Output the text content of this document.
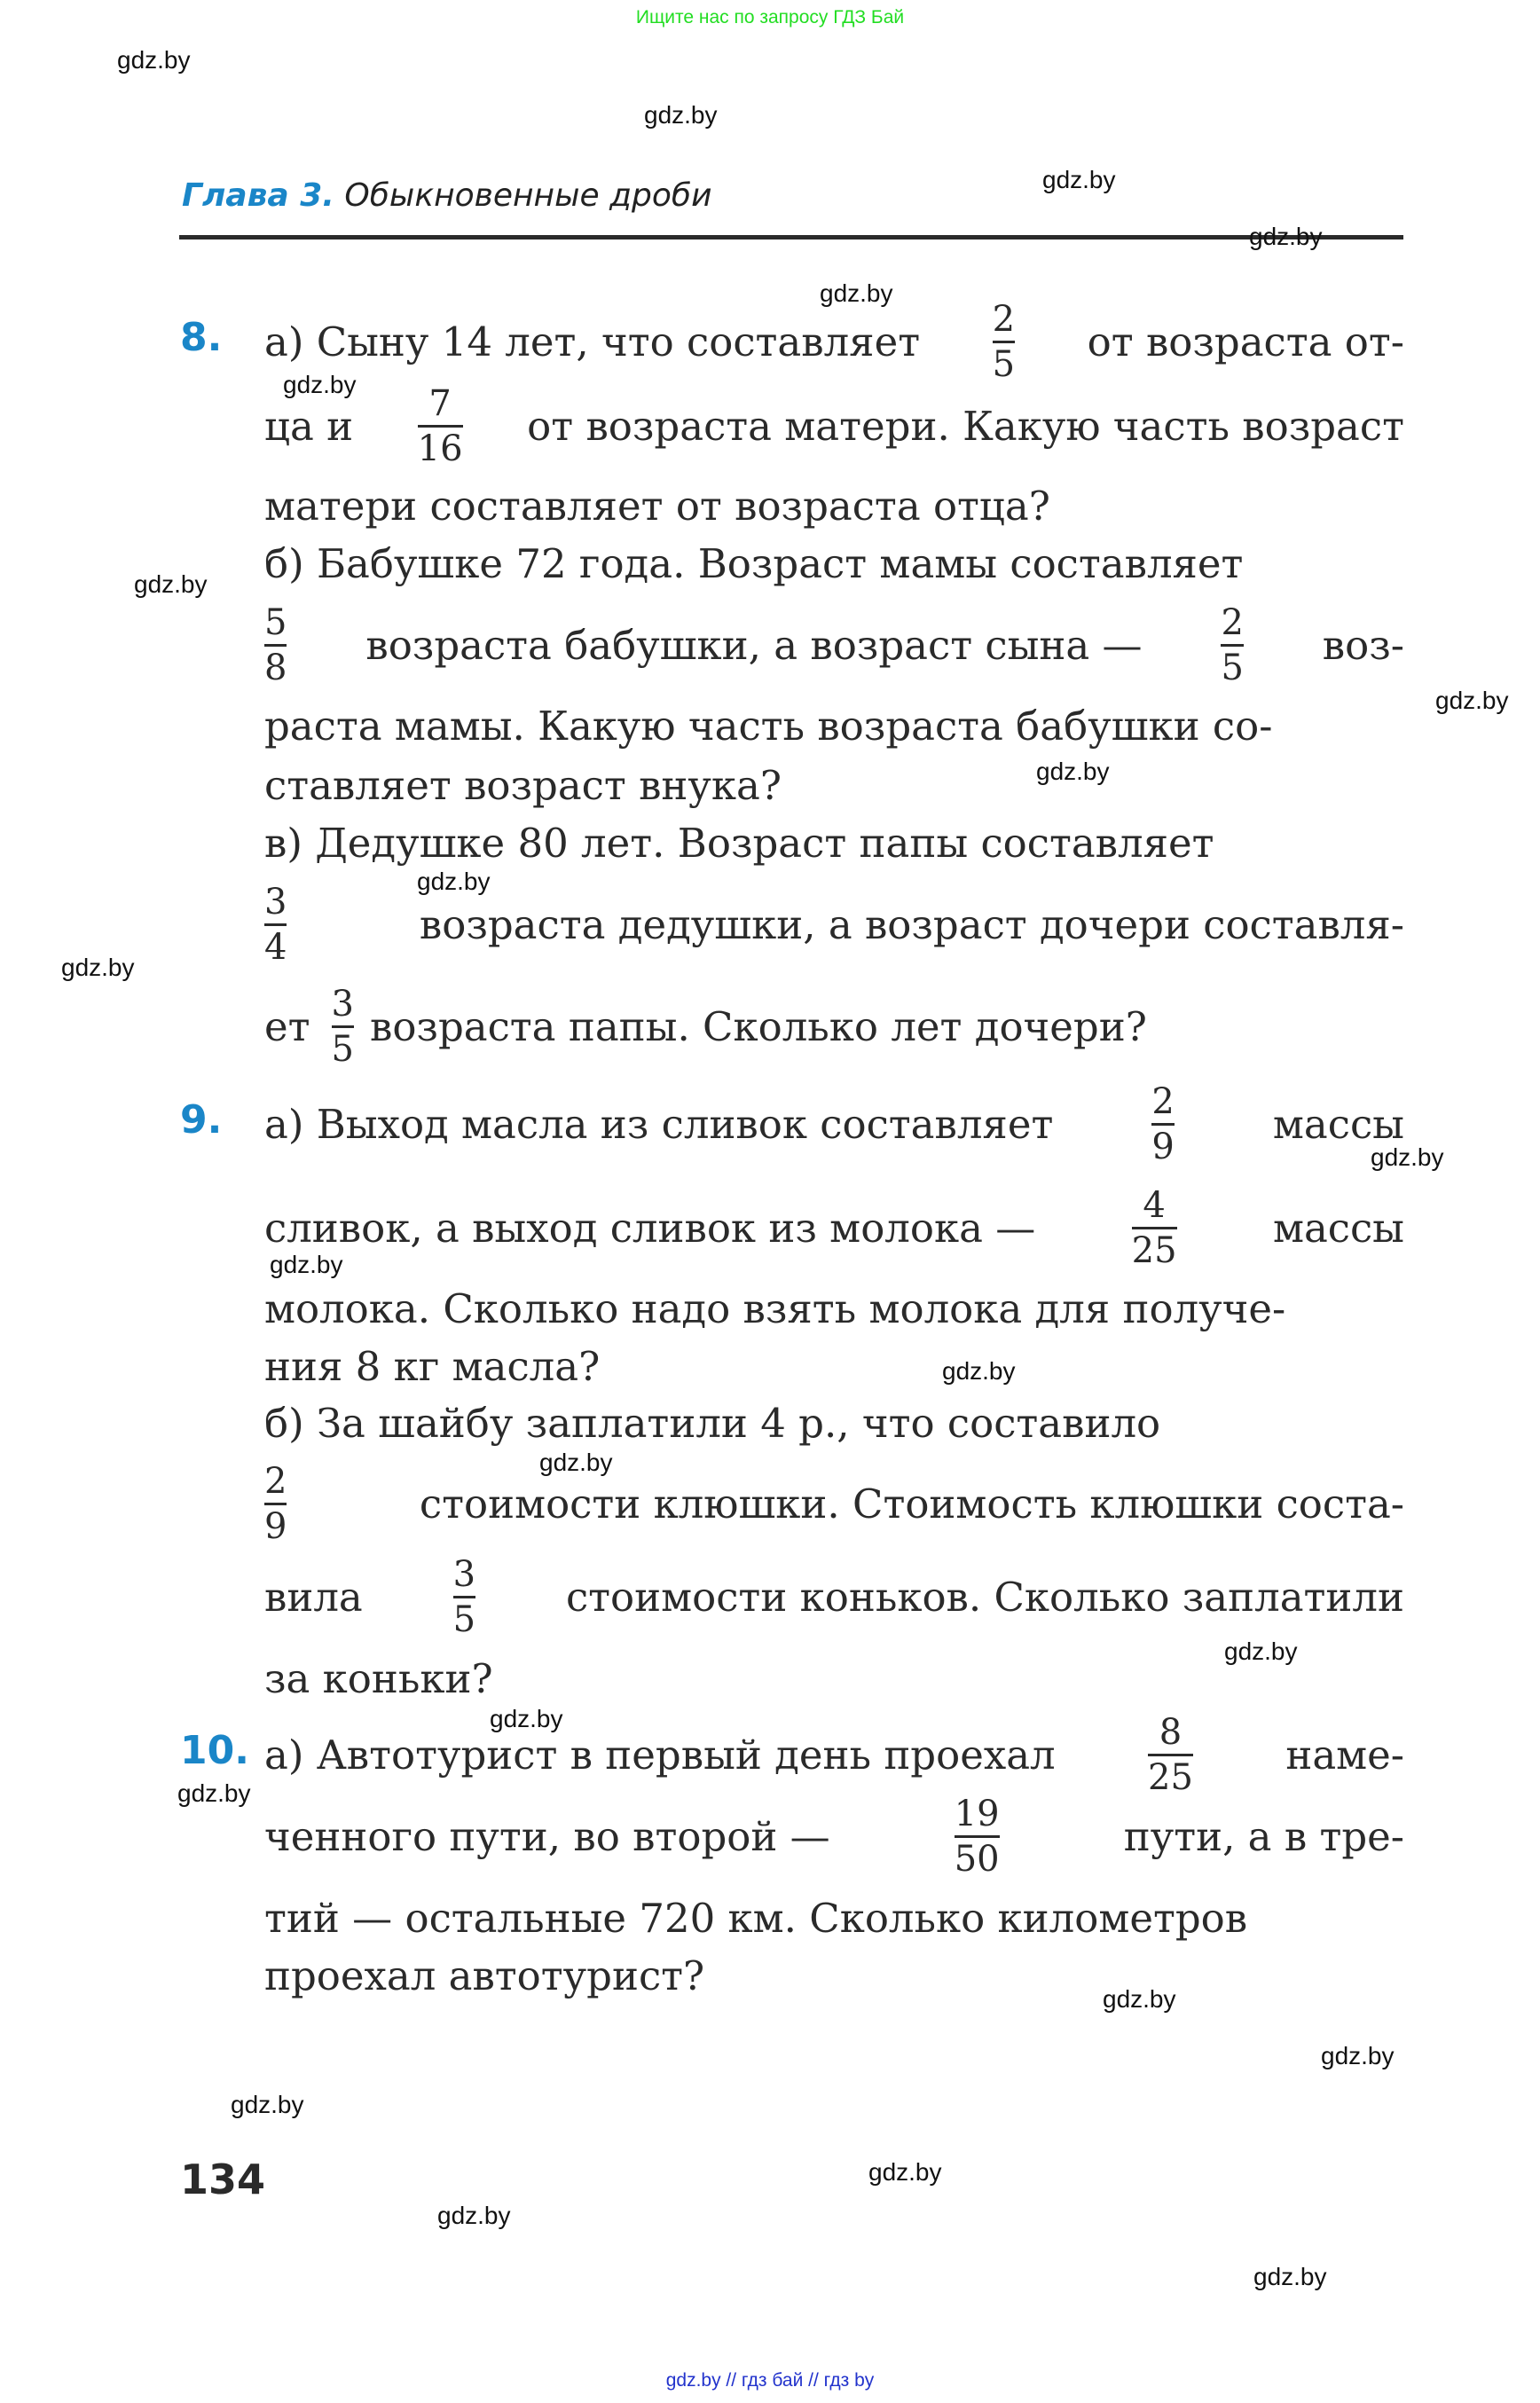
Ищите нас по запросу ГДЗ Бай
Глава 3. Обыкновенные дроби
8. а) Сыну 14 лет, что составляет $\frac{2}{5}$ от возраста от-
ца и $\frac{7}{16}$ от возраста матери. Какую часть возраст
матери составляет от возраста отца?
б) Бабушке 72 года. Возраст мамы составляет
$\frac{5}{8}$ возраста бабушки, а возраст сына — $\frac{2}{5} воз-$
раста мамы. Какую часть возраста бабушки со-
ставляет возраст внука?
в) Дедушке 80 лет. Возраст папы составляет
$\frac{3}{4}$	возраста дедушки, а возраст дочери составля-
ет $\frac{3}{5}$ возраста папы. Сколько лет дочери?
9. а) Выход масла из сливок составляет	$\frac{2}{9}$ массы
сливок, а выход сливок из молока —	$\frac{4}{25}$ массы
молока. Сколько надо взять молока для получе-
ния 8 кг масла?
б) За шайбу заплатили 4 р., что составило
$\frac{2}{9}$	стоимости клюшки. Стоимость клюшки соста-
вила	$\frac{3}{5}$ стоимости коньков. Сколько заплатили
за коньки?
10. а) Автотурист в первый день проехал	$\frac{8}{25}$ наме-
ченного пути, во второй —	$\frac{19}{50}$	пути, а в тре-
тий — остальные 720 км. Сколько километров
проехал автотурист?
134
gdz.by
gdz.by
gdz.by
gdz.by
gdz.by
gdz.by
gdz.by
gdz.by
gdz.by
gdz.by
gdz.by
gdz.by
gdz.by
gdz.by
gdz.by
gdz.by
gdz.by
gdz.by
gdz.by
gdz.by
gdz.by
gdz.by
gdz.by
gdz.by
gdz.by // гдз бай // гдз by
